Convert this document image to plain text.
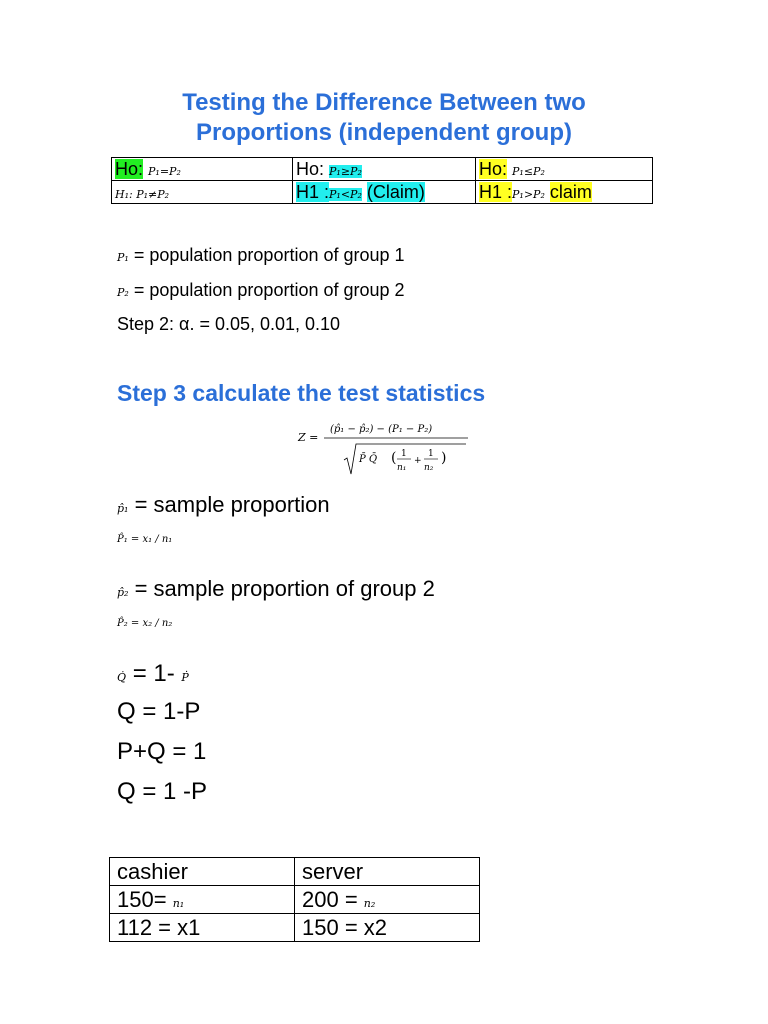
Testing the Difference Between two
Proportions (independent group)
Ho: P₁=P₂	Ho: P₁≥P₂	Ho: P₁≤P₂
H₁: P₁≠P₂	H1 :P₁<P₂ (Claim)	H1 :P₁>P₂ claim
P₁ = population proportion of group 1
P₂ = population proportion of group 2
Step 2: α. = 0.05, 0.01, 0.10
Step 3 calculate the test statistics
Z =
(p̂₁ − p̂₂) − (P₁ − P₂)
P̄ Q̄ ( 1
n₁
+
1
n₂
)
p̂₁ = sample proportion
P̂₁ = x₁ / n₁
p̂₂ = sample proportion of group 2
P̂₂ = x₂ / n₂
Q̇ = 1- Ṗ
Q = 1-P
P+Q = 1
Q = 1 -P
cashier	server
150= n₁	200 = n₂
112 = x1	150 = x2
